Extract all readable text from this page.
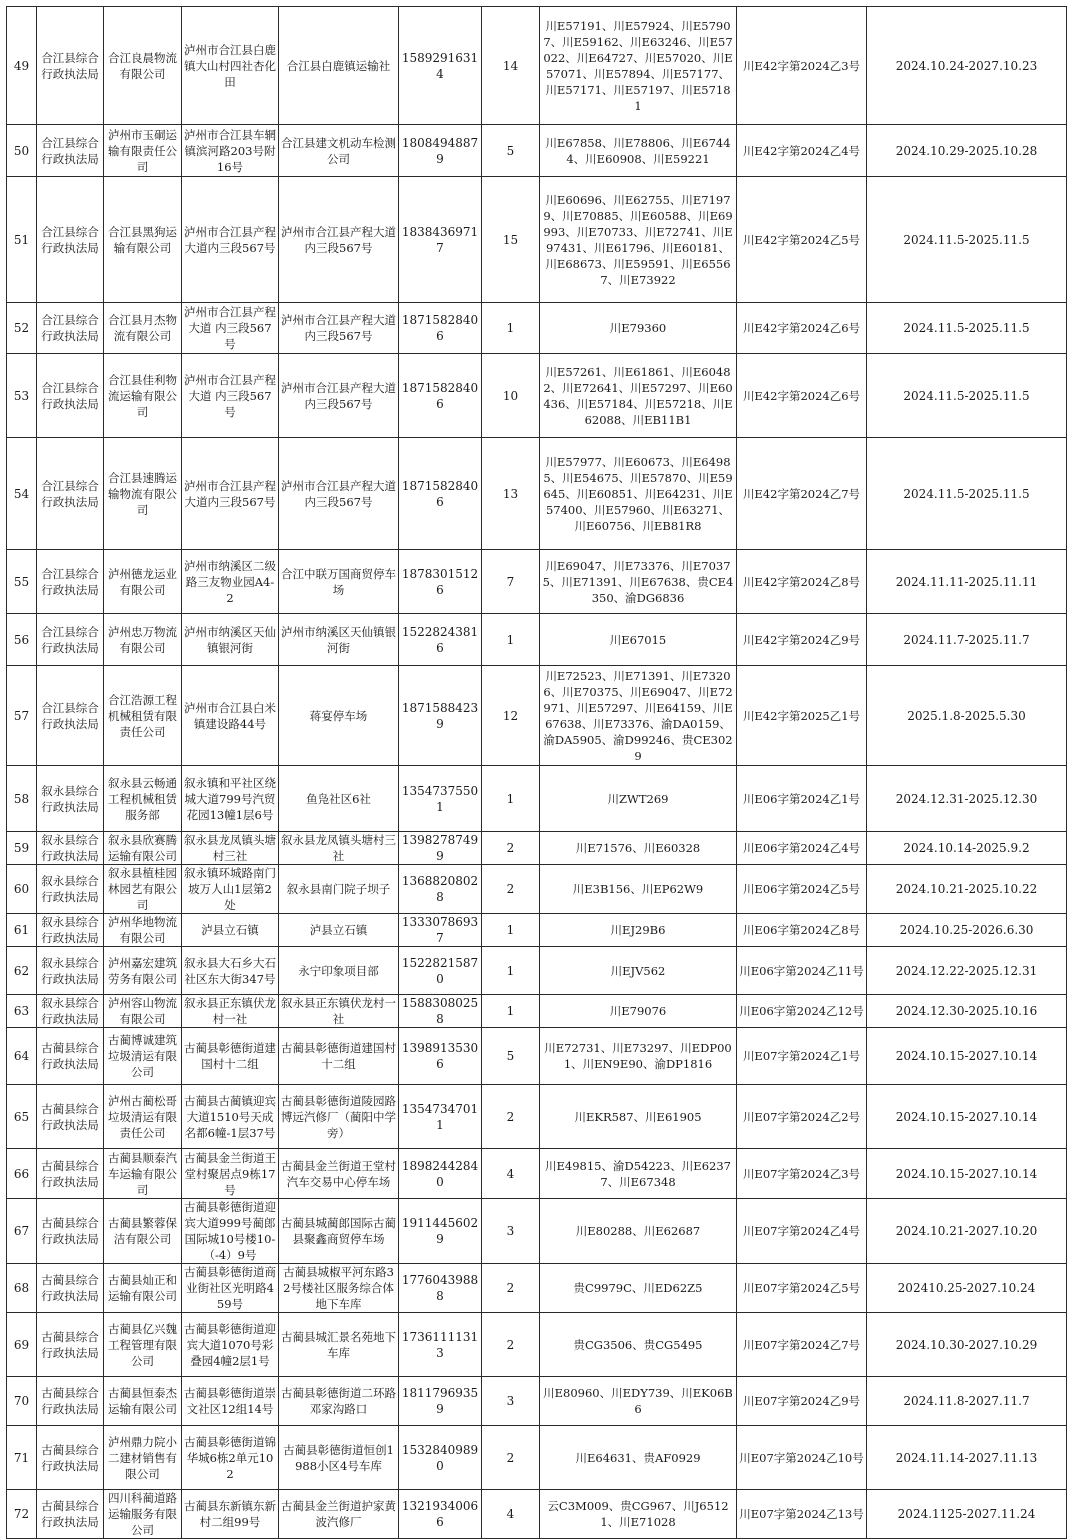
49	合江县综合行政执法局	合江良晨物流有限公司	泸州市合江县白鹿镇大山村四社杏化田	合江县白鹿镇运输社	15892916314	14	川E57191、川E57924、川E57907、川E59162、川E63246、川E57022、川E64727、川E57020、川E57071、川E57894、川E57177、川E57171、川E57197、川E57181	川E42字第2024乙3号	2024.10.24-2027.10.23
50	合江县综合行政执法局	泸州市玉硐运输有限责任公司	泸州市合江县车辋镇滨河路203号附16号	合江县建文机动车检测公司	18084948879	5	川E67858、川E78806、川E67444、川E60908、川E59221	川E42字第2024乙4号	2024.10.29-2025.10.28
51	合江县综合行政执法局	合江县黑狗运输有限公司	泸州市合江县产程大道内三段567号	泸州市合江县产程大道内三段567号	18384369717	15	川E60696、川E62755、川E71979、川E70885、川E60588、川E69993、川E70733、川E72741、川E97431、川E61796、川E60181、川E68673、川E59591、川E65567、川E73922	川E42字第2024乙5号	2024.11.5-2025.11.5
52	合江县综合行政执法局	合江县月杰物流有限公司	泸州市合江县产程大道 内三段567号	泸州市合江县产程大道内三段567号	18715828406	1	川E79360	川E42字第2024乙6号	2024.11.5-2025.11.5
53	合江县综合行政执法局	合江县佳利物流运输有限公司	泸州市合江县产程大道 内三段567号	泸州市合江县产程大道内三段567号	18715828406	10	川E57261、川E61861、川E60482、川E72641、川E57297、川E60436、川E57184、川E57218、川E62088、川EB11B1	川E42字第2024乙6号	2024.11.5-2025.11.5
54	合江县综合行政执法局	合江县速腾运输物流有限公司	泸州市合江县产程大道内三段567号	泸州市合江县产程大道内三段567号	18715828406	13	川E57977、川E60673、川E64985、川E54675、川E57870、川E59645、川E60851、川E64231、川E57400、川E57960、川E63271、川E60756、川EB81R8	川E42字第2024乙7号	2024.11.5-2025.11.5
55	合江县综合行政执法局	泸州德龙运业有限公司	泸州市纳溪区二级路三友物业园A4-2	合江中联万国商贸停车场	18783015126	7	川E69047、川E73376、川E70375、川E71391、川E67638、贵CE4350、渝DG6836	川E42字第2024乙8号	2024.11.11-2025.11.11
56	合江县综合行政执法局	泸州忠万物流有限公司	泸州市纳溪区天仙镇银河街	泸州市纳溪区天仙镇银河街	15228243816	1	川E67015	川E42字第2024乙9号	2024.11.7-2025.11.7
57	合江县综合行政执法局	合江浩源工程机械租赁有限责任公司	泸州市合江县白米镇建设路44号	蒋宴停车场	18715884239	12	川E72523、川E71391、川E73206、川E70375、川E69047、川E72971、川E57297、川E64159、川E67638、川E73376、渝DA0159、渝DA5905、渝D99246、贵CE3029	川E42字第2025乙1号	2025.1.8-2025.5.30
58	叙永县综合行政执法局	叙永县云畅通工程机械租赁服务部	叙永镇和平社区绕城大道799号汽贸花园13幢1层6号	鱼凫社区6社	13547375501	1	川ZWT269	川E06字第2024乙1号	2024.12.31-2025.12.30
59	叙永县综合行政执法局	叙永县欣赛腾运输有限公司	叙永县龙凤镇头塘村三社	叙永县龙凤镇头塘村三社	13982787499	2	川E71576、川E60328	川E06字第2024乙4号	2024.10.14-2025.9.2
60	叙永县综合行政执法局	叙永县植桂园林园艺有限公司	叙永镇环城路南门坡万人山1层第2处	叙永县南门院子坝子	13688208028	2	川E3B156、川EP62W9	川E06字第2024乙5号	2024.10.21-2025.10.22
61	叙永县综合行政执法局	泸州华地物流有限公司	泸县立石镇	泸县立石镇	13330786937	1	川EJ29B6	川E06字第2024乙8号	2024.10.25-2026.6.30
62	叙永县综合行政执法局	泸州嘉宏建筑劳务有限公司	叙永县大石乡大石社区东大街347号	永宁印象项目部	15228215870	1	川EJV562	川E06字第2024乙11号	2024.12.22-2025.12.31
63	叙永县综合行政执法局	泸州容山物流有限公司	叙永县正东镇伏龙村一社	叙永县正东镇伏龙村一社	15883080258	1	川E79076	川E06字第2024乙12号	2024.12.30-2025.10.16
64	古蔺县综合行政执法局	古蔺博诚建筑垃圾清运有限公司	古蔺县彰德街道建国村十二组	古蔺县彰德街道建国村十二组	13989135306	5	川E72731、川E73297、川EDP001、川EN9E90、渝DP1816	川E07字第2024乙1号	2024.10.15-2027.10.14
65	古蔺县综合行政执法局	泸州古蔺松哥垃圾清运有限责任公司	古蔺县古蔺镇迎宾大道1510号天成名都6幢-1层37号	古蔺县彰德街道陵园路博远汽修厂（蔺阳中学旁）	13547347011	2	川EKR587、川E61905	川E07字第2024乙2号	2024.10.15-2027.10.14
66	古蔺县综合行政执法局	古蔺县顺泰汽车运输有限公司	古蔺县金兰街道王堂村聚居点9栋17号	古蔺县金兰街道王堂村汽车交易中心停车场	18982442840	4	川E49815、渝D54223、川E62377、川E67348	川E07字第2024乙3号	2024.10.15-2027.10.14
67	古蔺县综合行政执法局	古蔺县繁蓉保洁有限公司	古蔺县彰德街道迎宾大道999号蔺郎国际城10号楼10-（-4）9号	古蔺县城蔺郎国际古蔺县聚鑫商贸停车场	19114456029	3	川E80288、川E62687	川E07字第2024乙4号	2024.10.21-2027.10.20
68	古蔺县综合行政执法局	古蔺县灿正和运输有限公司	古蔺县彰德街道商业街社区光明路459号	古蔺县城椒平河东路32号楼社区服务综合体地下车库	17760439888	2	贵C9979C、川ED62Z5	川E07字第2024乙5号	202410.25-2027.10.24
69	古蔺县综合行政执法局	古蔺县亿兴魏工程管理有限公司	古蔺县彰德街道迎宾大道1070号彩叠园4幢2层1号	古蔺县城汇景名苑地下车库	17361111313	2	贵CG3506、贵CG5495	川E07字第2024乙7号	2024.10.30-2027.10.29
70	古蔺县综合行政执法局	古蔺县恒泰杰运输有限公司	古蔺县彰德街道崇文社区12组14号	古蔺县彰德街道二环路邓家沟路口	18117969359	3	川E80960、川EDY739、川EK06B6	川E07字第2024乙9号	2024.11.8-2027.11.7
71	古蔺县综合行政执法局	泸州鼎力院小二建材销售有限公司	古蔺县彰德街道锦华城6栋2单元102	古蔺县彰德街道恒创1988小区4号车库	15328409890	2	川E64631、贵AF0929	川E07字第2024乙10号	2024.11.14-2027.11.13
72	古蔺县综合行政执法局	四川科蔺道路运输服务有限公司	古蔺县东新镇东新村二组99号	古蔺县金兰街道护家黄波汽修厂	13219340066	4	云C3M009、贵CG967、川J65121、川E71028	川E07字第2024乙13号	2024.1125-2027.11.24
